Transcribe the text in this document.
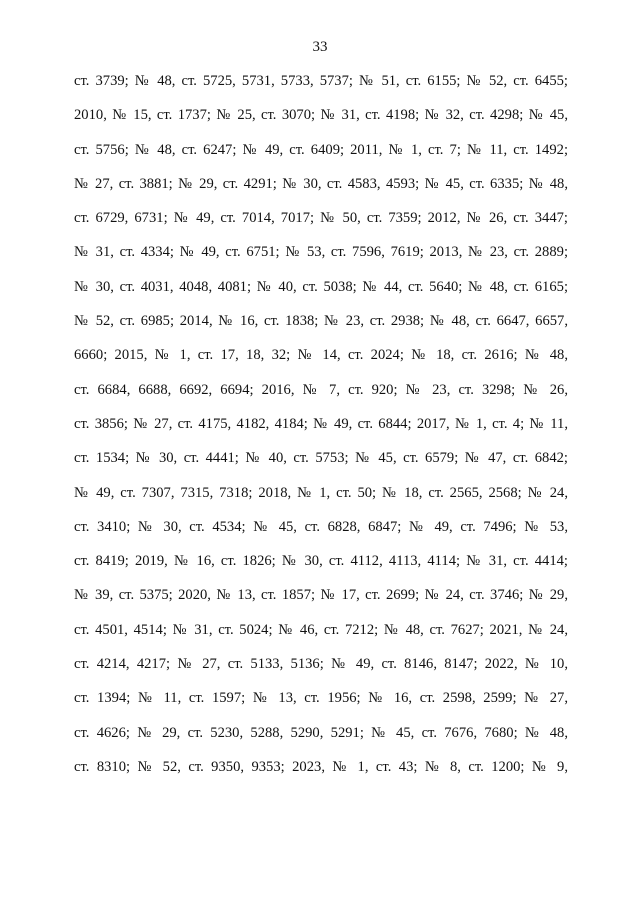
33
ст. 3739; № 48, ст. 5725, 5731, 5733, 5737; № 51, ст. 6155; № 52, ст. 6455;
2010, № 15, ст. 1737; № 25, ст. 3070; № 31, ст. 4198; № 32, ст. 4298; № 45,
ст. 5756; № 48, ст. 6247; № 49, ст. 6409; 2011, № 1, ст. 7; № 11, ст. 1492;
№ 27, ст. 3881; № 29, ст. 4291; № 30, ст. 4583, 4593; № 45, ст. 6335; № 48,
ст. 6729, 6731; № 49, ст. 7014, 7017; № 50, ст. 7359; 2012, № 26, ст. 3447;
№ 31, ст. 4334; № 49, ст. 6751; № 53, ст. 7596, 7619; 2013, № 23, ст. 2889;
№ 30, ст. 4031, 4048, 4081; № 40, ст. 5038; № 44, ст. 5640; № 48, ст. 6165;
№ 52, ст. 6985; 2014, № 16, ст. 1838; № 23, ст. 2938; № 48, ст. 6647, 6657,
6660; 2015, № 1, ст. 17, 18, 32; № 14, ст. 2024; № 18, ст. 2616; № 48,
ст. 6684, 6688, 6692, 6694; 2016, № 7, ст. 920; № 23, ст. 3298; № 26,
ст. 3856; № 27, ст. 4175, 4182, 4184; № 49, ст. 6844; 2017, № 1, ст. 4; № 11,
ст. 1534; № 30, ст. 4441; № 40, ст. 5753; № 45, ст. 6579; № 47, ст. 6842;
№ 49, ст. 7307, 7315, 7318; 2018, № 1, ст. 50; № 18, ст. 2565, 2568; № 24,
ст. 3410; № 30, ст. 4534; № 45, ст. 6828, 6847; № 49, ст. 7496; № 53,
ст. 8419; 2019, № 16, ст. 1826; № 30, ст. 4112, 4113, 4114; № 31, ст. 4414;
№ 39, ст. 5375; 2020, № 13, ст. 1857; № 17, ст. 2699; № 24, ст. 3746; № 29,
ст. 4501, 4514; № 31, ст. 5024; № 46, ст. 7212; № 48, ст. 7627; 2021, № 24,
ст. 4214, 4217; № 27, ст. 5133, 5136; № 49, ст. 8146, 8147; 2022, № 10,
ст. 1394; № 11, ст. 1597; № 13, ст. 1956; № 16, ст. 2598, 2599; № 27,
ст. 4626; № 29, ст. 5230, 5288, 5290, 5291; № 45, ст. 7676, 7680; № 48,
ст. 8310; № 52, ст. 9350, 9353; 2023, № 1, ст. 43; № 8, ст. 1200; № 9,
